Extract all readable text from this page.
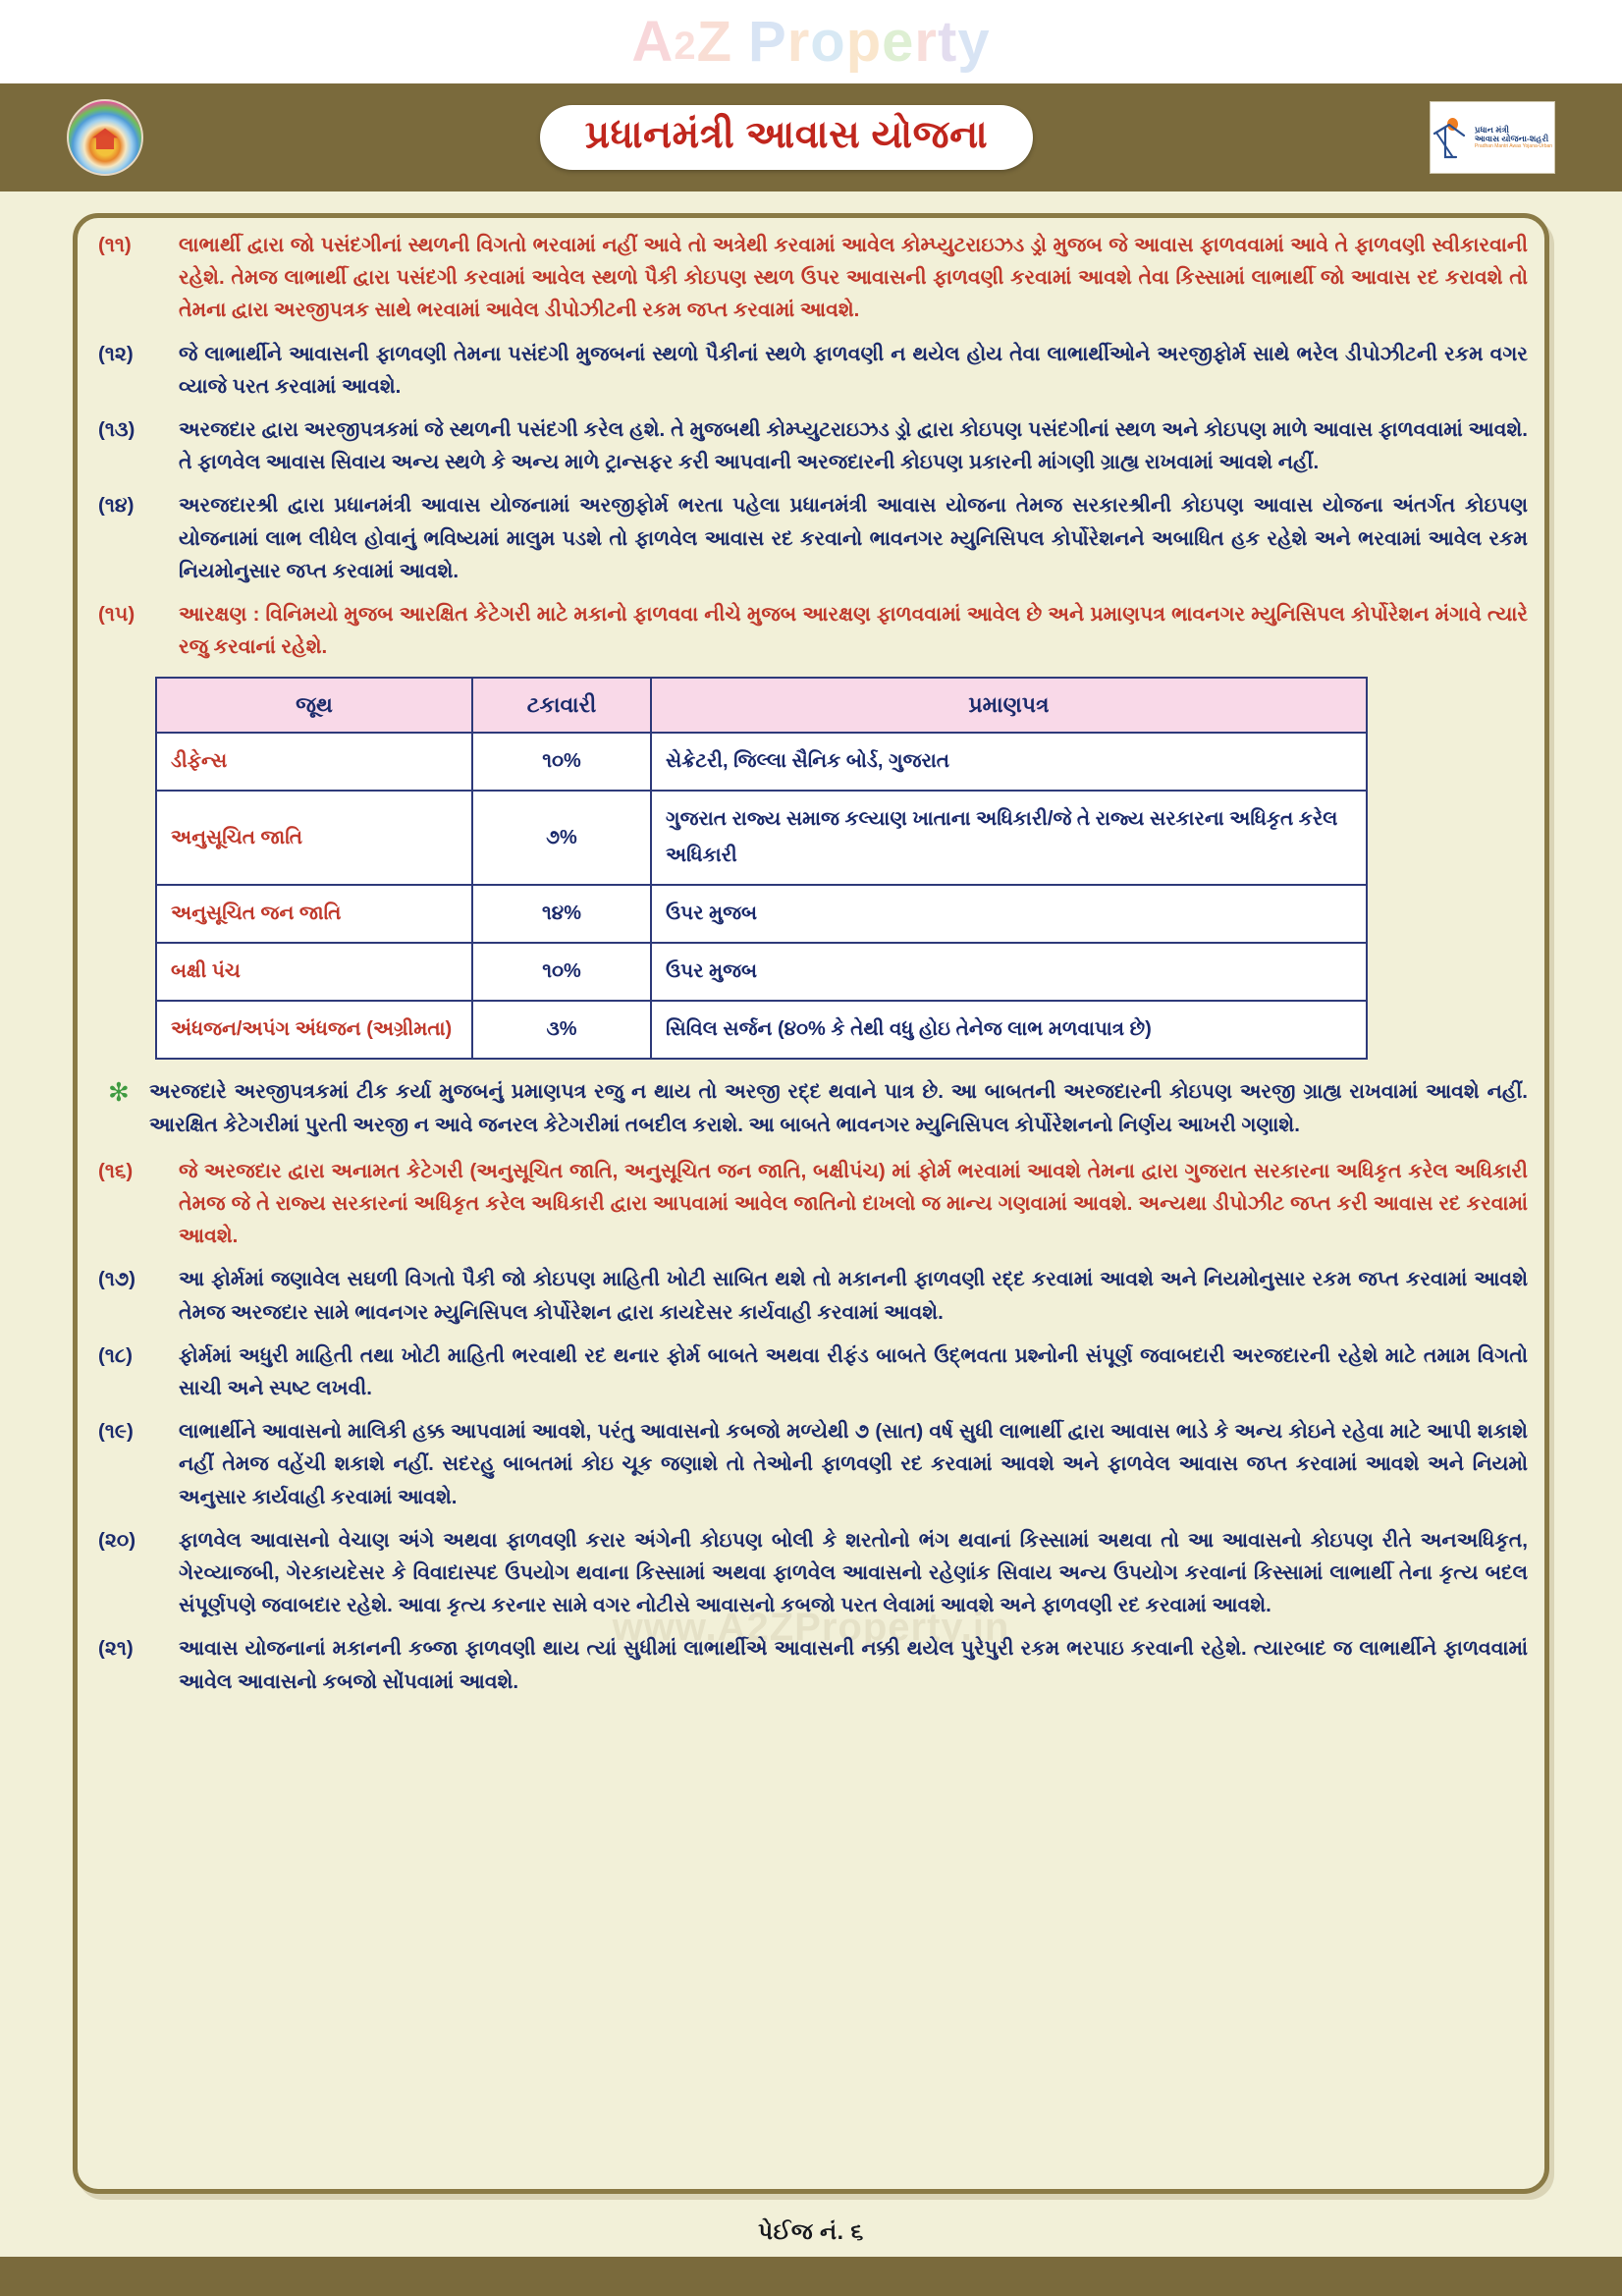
A 2 Z
P r o p e r t y
પ્રધાનમંત્રી આવાસ યોજના	પ્રધાન મંત્રી
આવાસ યોજના-શહરી
Pradhan Mantri Awas Yojana-Urban
(૧૧)	લાભાર્થી દ્વારા જો પસંદગીનાં સ્થળની વિગતો ભરવામાં નહીં આવે તો અત્રેથી કરવામાં આવેલ કોમ્પ્યુટરાઇઝડ ડ્રો મુજબ જે આવાસ ફાળવવામાં આવે તે ફાળવણી સ્વીકારવાની રહેશે. તેમજ લાભાર્થી દ્વારા પસંદગી કરવામાં આવેલ સ્થળો પૈકી કોઇપણ સ્થળ ઉપર આવાસની ફાળવણી કરવામાં આવશે તેવા કિસ્સામાં લાભાર્થી જો આવાસ રદ કરાવશે તો તેમના દ્વારા અરજીપત્રક સાથે ભરવામાં આવેલ ડીપોઝીટની રકમ જપ્ત કરવામાં આવશે.
(૧૨)	જે લાભાર્થીને આવાસની ફાળવણી તેમના પસંદગી મુજબનાં સ્થળો પૈકીનાં સ્થળે ફાળવણી ન થયેલ હોય તેવા લાભાર્થીઓને અરજીફોર્મ સાથે ભરેલ ડીપોઝીટની રકમ વગર વ્યાજે પરત કરવામાં આવશે.
(૧૩)	અરજદાર દ્વારા અરજીપત્રકમાં જે સ્થળની પસંદગી કરેલ હશે. તે મુજબથી કોમ્પ્યુટરાઇઝડ ડ્રો દ્વારા કોઇપણ પસંદગીનાં સ્થળ અને કોઇપણ માળે આવાસ ફાળવવામાં આવશે. તે ફાળવેલ આવાસ સિવાય અન્ય સ્થળે કે અન્ય માળે ટ્રાન્સફર કરી આપવાની અરજદારની કોઇપણ પ્રકારની માંગણી ગ્રાહ્ય રાખવામાં આવશે નહીં.
(૧૪)	અરજદારશ્રી દ્વારા પ્રધાનમંત્રી આવાસ યોજનામાં અરજીફોર્મ ભરતા પહેલા પ્રધાનમંત્રી આવાસ યોજના તેમજ સરકારશ્રીની કોઇપણ આવાસ યોજના અંતર્ગત કોઇપણ યોજનામાં લાભ લીધેલ હોવાનું ભવિષ્યમાં માલુમ પડશે તો ફાળવેલ આવાસ રદ કરવાનો ભાવનગર મ્યુનિસિપલ કોર્પોરેશનને અબાધિત હક રહેશે અને ભરવામાં આવેલ રકમ નિયમોનુસાર જપ્ત કરવામાં આવશે.
(૧૫)	આરક્ષણ : વિનિમયો મુજબ આરક્ષિત કેટેગરી માટે મકાનો ફાળવવા નીચે મુજબ આરક્ષણ ફાળવવામાં આવેલ છે અને પ્રમાણપત્ર ભાવનગર મ્યુનિસિપલ કોર્પોરેશન મંગાવે ત્યારે રજુ કરવાનાં રહેશે.
જૂથ	ટકાવારી	પ્રમાણપત્ર
ડીફેન્સ	૧૦%	સેક્રેટરી, જિલ્લા સૈનિક બોર્ડ, ગુજરાત
અનુસૂચિત જાતિ	૭%	ગુજરાત રાજ્ય સમાજ કલ્યાણ ખાતાના અધિકારી/જે તે રાજ્ય સરકારના અધિકૃત કરેલ અધિકારી
અનુસૂચિત જન જાતિ	૧૪%	ઉપર મુજબ
બક્ષી પંચ	૧૦%	ઉપર મુજબ
અંધજન/અપંગ અંધજન (અગ્રીમતા)	૩%	સિવિલ સર્જન (૪૦% કે તેથી વધુ હોઇ તેનેજ લાભ મળવાપાત્ર છે)
✻ અરજદારે અરજીપત્રકમાં ટીક કર્યા મુજબનું પ્રમાણપત્ર રજુ ન થાય તો અરજી રદ્દ થવાને પાત્ર છે. આ બાબતની અરજદારની કોઇપણ અરજી ગ્રાહ્ય રાખવામાં આવશે નહીં. આરક્ષિત કેટેગરીમાં પુરતી અરજી ન આવે જનરલ કેટેગરીમાં તબદીલ કરાશે. આ બાબતે ભાવનગર મ્યુનિસિપલ કોર્પોરેશનનો નિર્ણય આખરી ગણાશે.
(૧૬)	જે અરજદાર દ્વારા અનામત કેટેગરી (અનુસૂચિત જાતિ, અનુસૂચિત જન જાતિ, બક્ષીપંચ) માં ફોર્મ ભરવામાં આવશે તેમના દ્વારા ગુજરાત સરકારના અધિકૃત કરેલ અધિકારી તેમજ જે તે રાજ્ય સરકારનાં અધિકૃત કરેલ અધિકારી દ્વારા આપવામાં આવેલ જાતિનો દાખલો જ માન્ય ગણવામાં આવશે. અન્યથા ડીપોઝીટ જપ્ત કરી આવાસ રદ કરવામાં આવશે.
(૧૭)	આ ફોર્મમાં જણાવેલ સઘળી વિગતો પૈકી જો કોઇપણ માહિતી ખોટી સાબિત થશે તો મકાનની ફાળવણી રદ્દ કરવામાં આવશે અને નિયમોનુસાર રકમ જપ્ત કરવામાં આવશે તેમજ અરજદાર સામે ભાવનગર મ્યુનિસિપલ કોર્પોરેશન દ્વારા કાયદેસર કાર્યવાહી કરવામાં આવશે.
(૧૮)	ફોર્મમાં અધુરી માહિતી તથા ખોટી માહિતી ભરવાથી રદ થનાર ફોર્મ બાબતે અથવા રીફંડ બાબતે ઉદ્ભવતા પ્રશ્નોની સંપૂર્ણ જવાબદારી અરજદારની રહેશે માટે તમામ વિગતો સાચી અને સ્પષ્ટ લખવી.
(૧૯)	લાભાર્થીને આવાસનો માલિકી હક્ક આપવામાં આવશે, પરંતુ આવાસનો કબજો મળ્યેથી ૭ (સાત) વર્ષ સુધી લાભાર્થી દ્વારા આવાસ ભાડે કે અન્ય કોઇને રહેવા માટે આપી શકાશે નહીં તેમજ વહેંચી શકાશે નહીં. સદરહુ બાબતમાં કોઇ ચૂક જણાશે તો તેઓની ફાળવણી રદ કરવામાં આવશે અને ફાળવેલ આવાસ જપ્ત કરવામાં આવશે અને નિયમો અનુસાર કાર્યવાહી કરવામાં આવશે.
(૨૦)	ફાળવેલ આવાસનો વેચાણ અંગે અથવા ફાળવણી કરાર અંગેની કોઇપણ બોલી કે શરતોનો ભંગ થવાનાં કિસ્સામાં અથવા તો આ આવાસનો કોઇપણ રીતે અનઅધિકૃત, ગેરવ્યાજબી, ગેરકાયદેસર કે વિવાદાસ્પદ ઉપયોગ થવાના કિસ્સામાં અથવા ફાળવેલ આવાસનો રહેણાંક સિવાય અન્ય ઉપયોગ કરવાનાં કિસ્સામાં લાભાર્થી તેના કૃત્ય બદલ સંપૂર્ણપણે જવાબદાર રહેશે. આવા કૃત્ય કરનાર સામે વગર નોટીસે આવાસનો કબજો પરત લેવામાં આવશે અને ફાળવણી રદ કરવામાં આવશે.
(૨૧)	આવાસ યોજનાનાં મકાનની કબ્જા ફાળવણી થાય ત્યાં સુધીમાં લાભાર્થીએ આવાસની નક્કી થયેલ પુરેપુરી રકમ ભરપાઇ કરવાની રહેશે. ત્યારબાદ જ લાભાર્થીને ફાળવવામાં આવેલ આવાસનો કબજો સોંપવામાં આવશે.
પેઈજ નં. ૬
